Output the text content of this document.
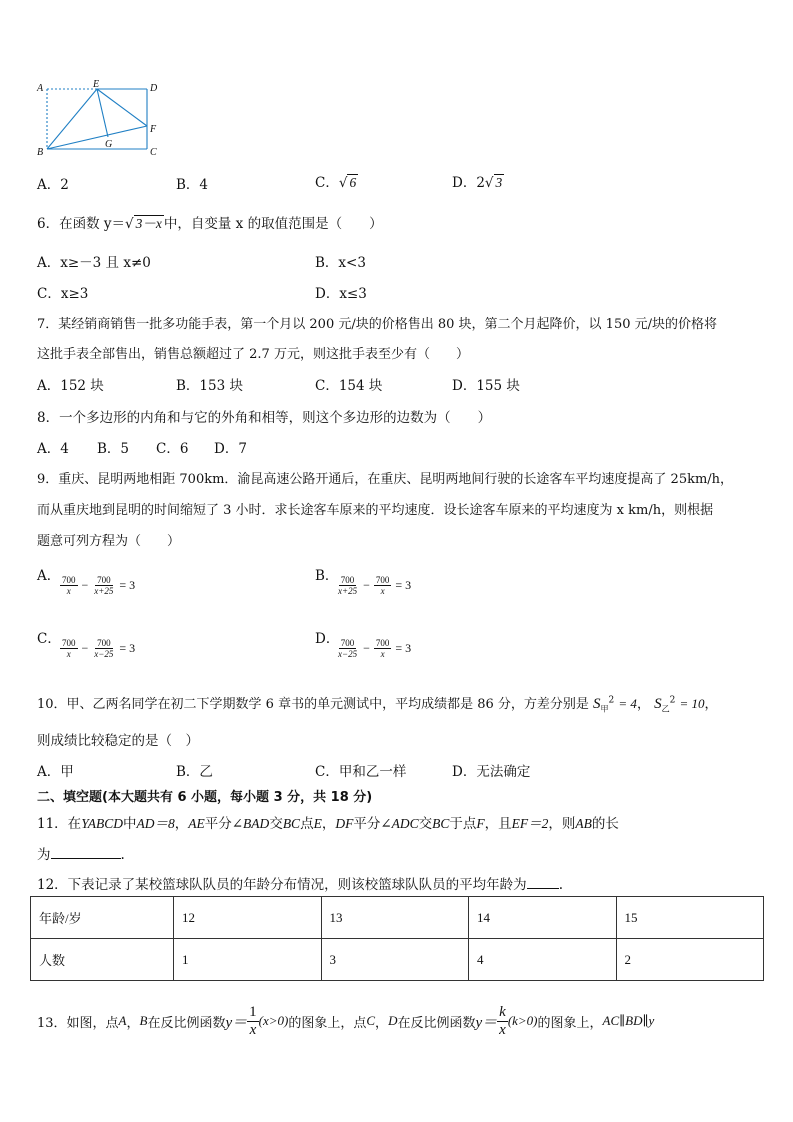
A	E	D
F
B
G
C
A．2	B．4	C．√ 6	D．2√ 3
6．在函数 y＝√ 3－x 中，自变量 x 的取值范围是（　　）
A．x≥－3 且 x≠0	B．x<3
C．x≥3	D．x≤3
7．某经销商销售一批多功能手表，第一个月以 200 元/块的价格售出 80 块，第二个月起降价，以 150 元/块的价格将
这批手表全部售出，销售总额超过了 2.7 万元，则这批手表至少有（　　）
A．152 块	B．153 块	C．154 块	D．155 块
8．一个多边形的内角和与它的外角和相等，则这个多边形的边数为（　　）
A．4 B．5 C．6 D．7
9．重庆、昆明两地相距 700km．渝昆高速公路开通后，在重庆、昆明两地间行驶的长途客车平均速度提高了 25km/h，
而从重庆地到昆明的时间缩短了 3 小时．求长途客车原来的平均速度．设长途客车原来的平均速度为 x km/h，则根据
题意可列方程为（　　）
A． $\frac{700}{x} - \frac{700}{x+25} = 3$
B．
$\frac{700}{x+25} - \frac{700}{x} = 3$
C． $\frac{700}{x} - \frac{700}{x-25} = 3$
D．
$\frac{700}{x-25} - \frac{700}{x} = 3$
10．甲、乙两名同学在初二下学期数学 6 章书的单元测试中，平均成绩都是 86 分，方差分别是 $S_甲^2 = 4$， $S_乙^2 = 10$，
则成绩比较稳定的是（　）
A．甲	B．乙	C．甲和乙一样	D．无法确定
二、填空题(本大题共有 6 小题，每小题 3 分，共 18 分)
11．在YABCD中AD＝8，AE平分∠BAD交BC点E，DF平分∠ADC交BC于点F，且EF＝2，则AB的长
为	.
12．下表记录了某校篮球队队员的年龄分布情况，则该校篮球队队员的平均年龄为 .
年龄/岁	12	13	14	15
人数	1	3	4	2
13．如图，点 A ， B 在反比例函数 y＝
1
x
(x>0) 的图象上，点 C ， D 在反比例函数 y＝
k
x
(k>0) 的图象上， AC∥BD∥y
